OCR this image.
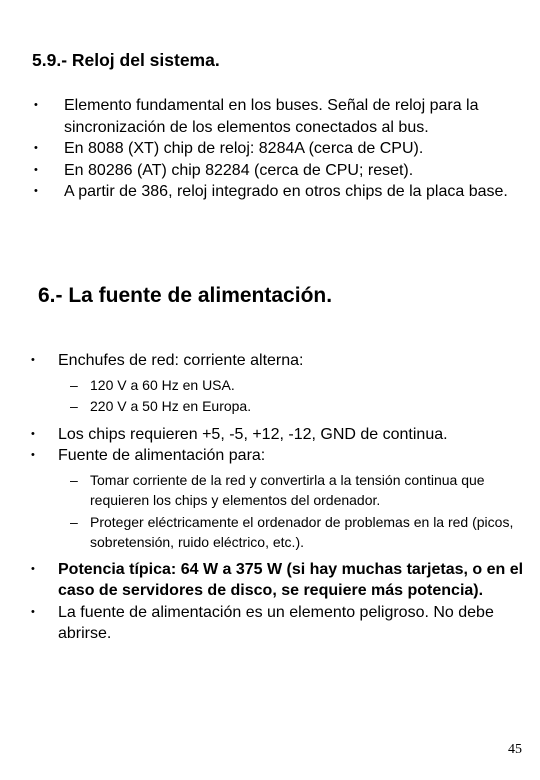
5.9.- Reloj del sistema.
• Elemento fundamental en los buses. Señal de reloj para la sincronización de los elementos conectados al bus.
• En 8088 (XT) chip de reloj: 8284A (cerca de CPU).
• En 80286 (AT) chip 82284 (cerca de CPU; reset).
• A partir de 386, reloj integrado en otros chips de la placa base.
6.- La fuente de alimentación.
• Enchufes de red: corriente alterna:
– 120 V a 60 Hz en USA.
– 220 V a 50 Hz en Europa.
• Los chips requieren +5, -5, +12, -12, GND de continua.
• Fuente de alimentación para:
– Tomar corriente de la red y convertirla a la tensión continua que requieren los chips y elementos del ordenador.
– Proteger eléctricamente el ordenador de problemas en la red (picos, sobretensión, ruido eléctrico, etc.).
• Potencia típica: 64 W a 375 W (si hay muchas tarjetas, o en el caso de servidores de disco, se requiere más potencia).
• La fuente de alimentación es un elemento peligroso. No debe abrirse.
45
